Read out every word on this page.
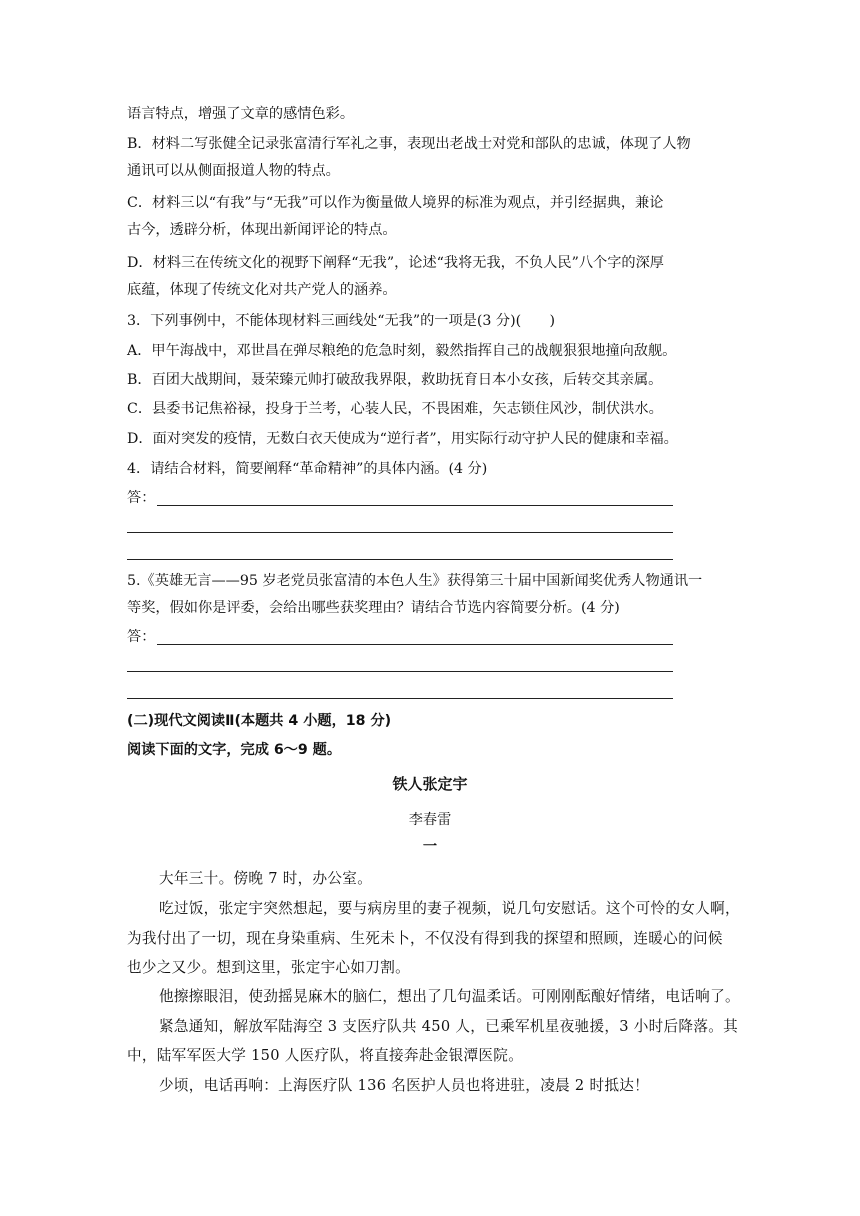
语言特点，增强了文章的感情色彩。
B．材料二写张健全记录张富清行军礼之事，表现出老战士对党和部队的忠诚，体现了人物
通讯可以从侧面报道人物的特点。
C．材料三以“有我”与“无我”可以作为衡量做人境界的标准为观点，并引经据典，兼论
古今，透辟分析，体现出新闻评论的特点。
D．材料三在传统文化的视野下阐释“无我”，论述“我将无我，不负人民”八个字的深厚
底蕴，体现了传统文化对共产党人的涵养。
3．下列事例中，不能体现材料三画线处“无我”的一项是(3 分)(　　)
A．甲午海战中，邓世昌在弹尽粮绝的危急时刻，毅然指挥自己的战舰狠狠地撞向敌舰。
B．百团大战期间，聂荣臻元帅打破敌我界限，救助抚育日本小女孩，后转交其亲属。
C．县委书记焦裕禄，投身于兰考，心装人民，不畏困难，矢志锁住风沙，制伏洪水。
D．面对突发的疫情，无数白衣天使成为“逆行者”，用实际行动守护人民的健康和幸福。
4．请结合材料，简要阐释“革命精神”的具体内涵。(4 分)
答：
5.《英雄无言——95 岁老党员张富清的本色人生》获得第三十届中国新闻奖优秀人物通讯一
等奖，假如你是评委，会给出哪些获奖理由？请结合节选内容简要分析。(4 分)
答：
(二)现代文阅读Ⅱ(本题共 4 小题，18 分)
阅读下面的文字，完成 6～9 题。
铁人张定宇
李春雷
一
大年三十。傍晚 7 时，办公室。
吃过饭，张定宇突然想起，要与病房里的妻子视频，说几句安慰话。这个可怜的女人啊，
为我付出了一切，现在身染重病、生死未卜，不仅没有得到我的探望和照顾，连暖心的问候
也少之又少。想到这里，张定宇心如刀割。
他擦擦眼泪，使劲摇晃麻木的脑仁，想出了几句温柔话。可刚刚酝酿好情绪，电话响了。
紧急通知，解放军陆海空 3 支医疗队共 450 人，已乘军机星夜驰援，3 小时后降落。其
中，陆军军医大学 150 人医疗队，将直接奔赴金银潭医院。
少顷，电话再响：上海医疗队 136 名医护人员也将进驻，凌晨 2 时抵达！
